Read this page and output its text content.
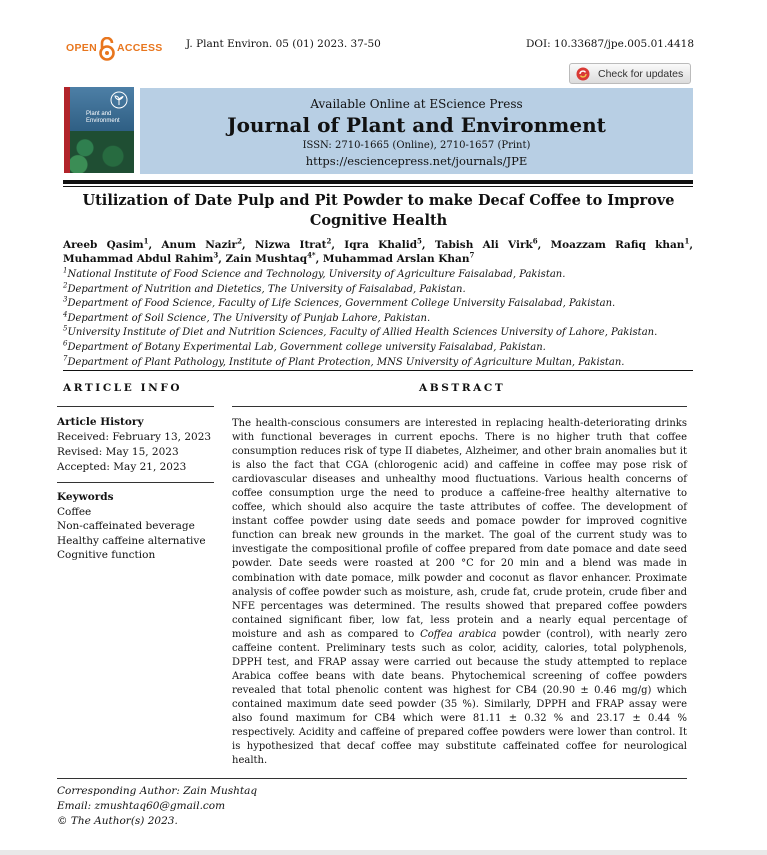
OPEN ACCESS J. Plant Environ. 05 (01) 2023. 37-50	DOI: 10.33687/jpe.005.01.4418
Check for updates
Plant and
Environment
Available Online at EScience Press
Journal of Plant and Environment
ISSN: 2710-1665 (Online), 2710-1657 (Print)
https://esciencepress.net/journals/JPE
Utilization of Date Pulp and Pit Powder to make Decaf Coffee to Improve Cognitive Health
Areeb Qasim$^1$, Anum Nazir$^2$, Nizwa Itrat$^2$, Iqra Khalid$^5$, Tabish Ali Virk$^6$, Moazzam Rafiq khan$^1$, Muhammad Abdul Rahim$^3$, Zain Mushtaq$^{4*}$, Muhammad Arslan Khan$^7$
$^1$National Institute of Food Science and Technology, University of Agriculture Faisalabad, Pakistan.
$^2$Department of Nutrition and Dietetics, The University of Faisalabad, Pakistan.
$^3$Department of Food Science, Faculty of Life Sciences, Government College University Faisalabad, Pakistan.
$^4$Department of Soil Science, The University of Punjab Lahore, Pakistan.
$^5$University Institute of Diet and Nutrition Sciences, Faculty of Allied Health Sciences University of Lahore, Pakistan.
$^6$Department of Botany Experimental Lab, Government college university Faisalabad, Pakistan.
$^7$Department of Plant Pathology, Institute of Plant Protection, MNS University of Agriculture Multan, Pakistan.
ARTICLE INFO	ABSTRACT
Article History
Received: February 13, 2023
Revised: May 15, 2023
Accepted: May 21, 2023
Keywords
Coffee
Non-caffeinated beverage
Healthy caffeine alternative
Cognitive function
The health-conscious consumers are interested in replacing health-deteriorating drinks with functional beverages in current epochs. There is no higher truth that coffee consumption reduces risk of type II diabetes, Alzheimer, and other brain anomalies but it is also the fact that CGA (chlorogenic acid) and caffeine in coffee may pose risk of cardiovascular diseases and unhealthy mood fluctuations. Various health concerns of coffee consumption urge the need to produce a caffeine-free healthy alternative to coffee, which should also acquire the taste attributes of coffee. The development of instant coffee powder using date seeds and pomace powder for improved cognitive function can break new grounds in the market. The goal of the current study was to investigate the compositional profile of coffee prepared from date pomace and date seed powder. Date seeds were roasted at 200 °C for 20 min and a blend was made in combination with date pomace, milk powder and coconut as flavor enhancer. Proximate analysis of coffee powder such as moisture, ash, crude fat, crude protein, crude fiber and NFE percentages was determined. The results showed that prepared coffee powders contained significant fiber, low fat, less protein and a nearly equal percentage of moisture and ash as compared to Coffea arabica powder (control), with nearly zero caffeine content. Preliminary tests such as color, acidity, calories, total polyphenols, DPPH test, and FRAP assay were carried out because the study attempted to replace Arabica coffee beans with date beans. Phytochemical screening of coffee powders revealed that total phenolic content was highest for CB4 (20.90 ± 0.46 mg/g) which contained maximum date seed powder (35 %). Similarly, DPPH and FRAP assay were also found maximum for CB4 which were 81.11 ± 0.32 % and 23.17 ± 0.44 % respectively. Acidity and caffeine of prepared coffee powders were lower than control. It is hypothesized that decaf coffee may substitute caffeinated coffee for neurological health.
Corresponding Author: Zain Mushtaq
Email: zmushtaq60@gmail.com
© The Author(s) 2023.
